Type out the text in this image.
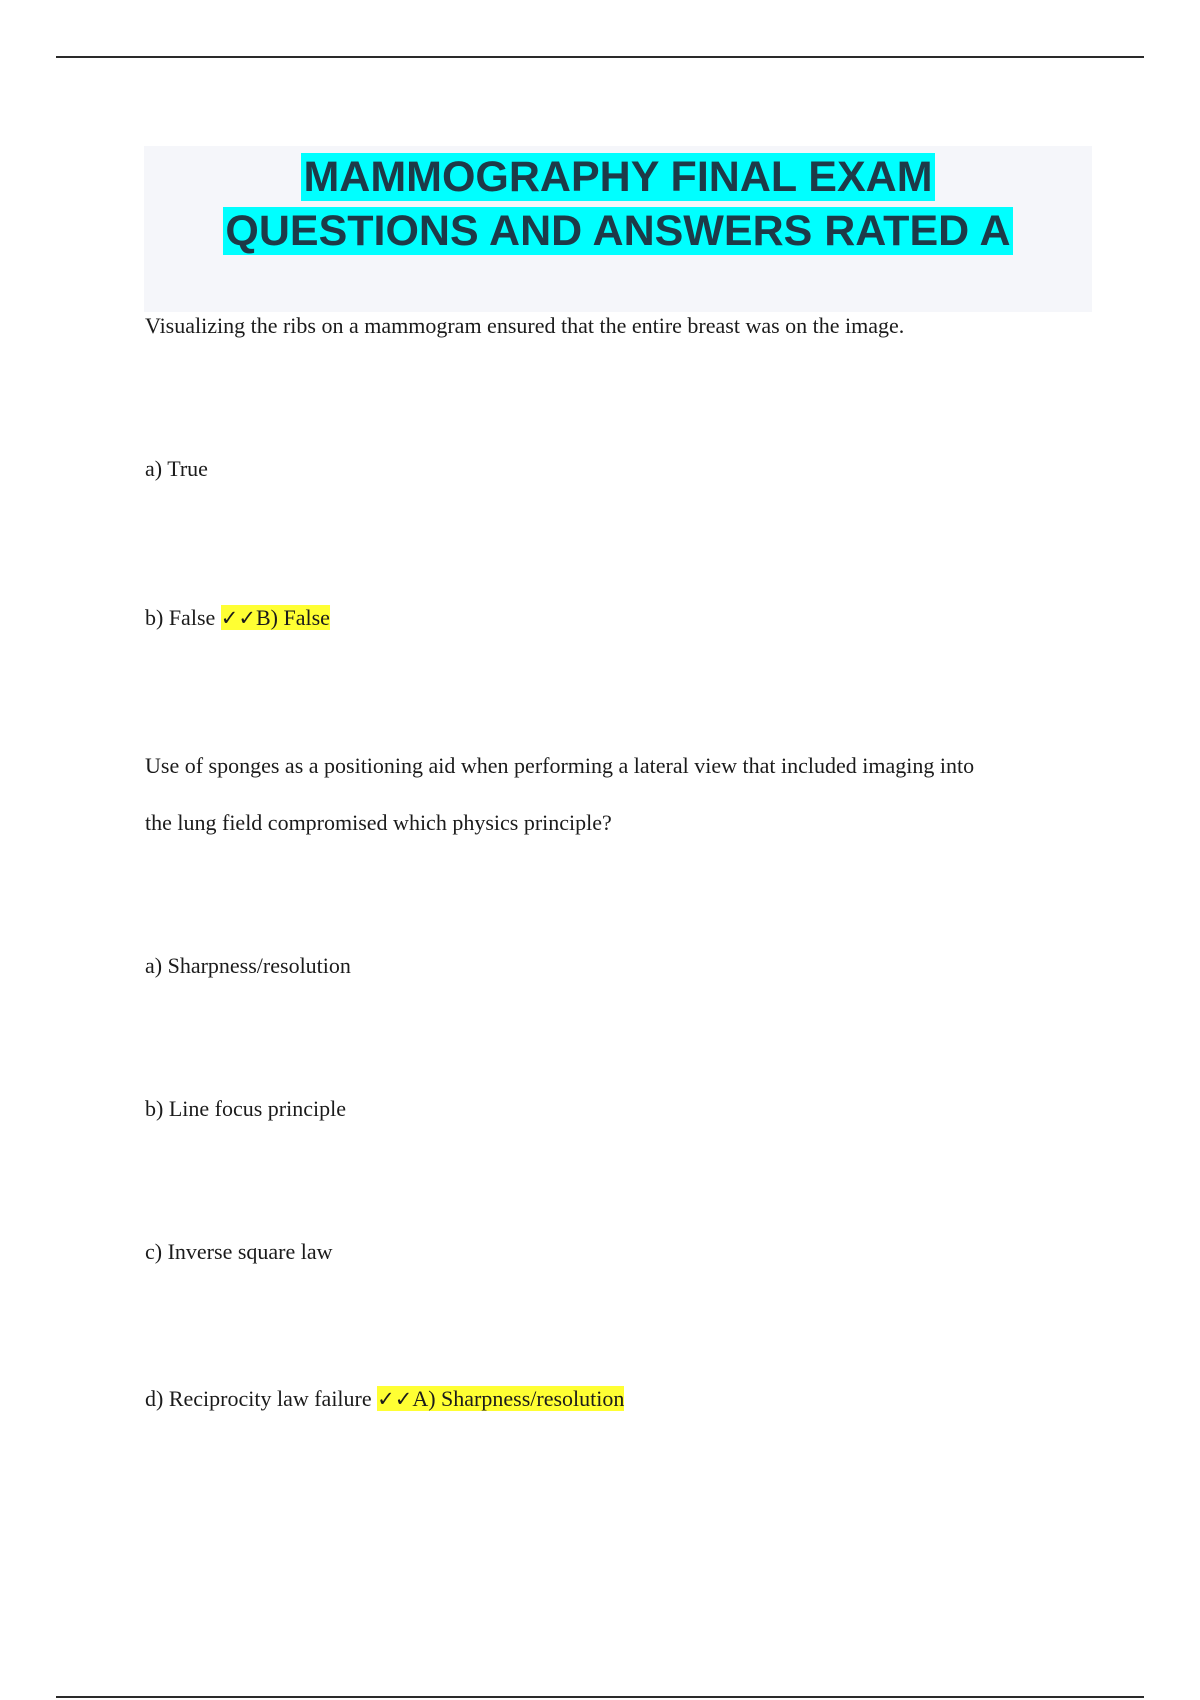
MAMMOGRAPHY FINAL EXAM
QUESTIONS AND ANSWERS RATED A

Visualizing the ribs on a mammogram ensured that the entire breast was on the image.

a) True

b) False ✓✓B) False

Use of sponges as a positioning aid when performing a lateral view that included imaging into

the lung field compromised which physics principle?

a) Sharpness/resolution

b) Line focus principle

c) Inverse square law

d) Reciprocity law failure ✓✓A) Sharpness/resolution
